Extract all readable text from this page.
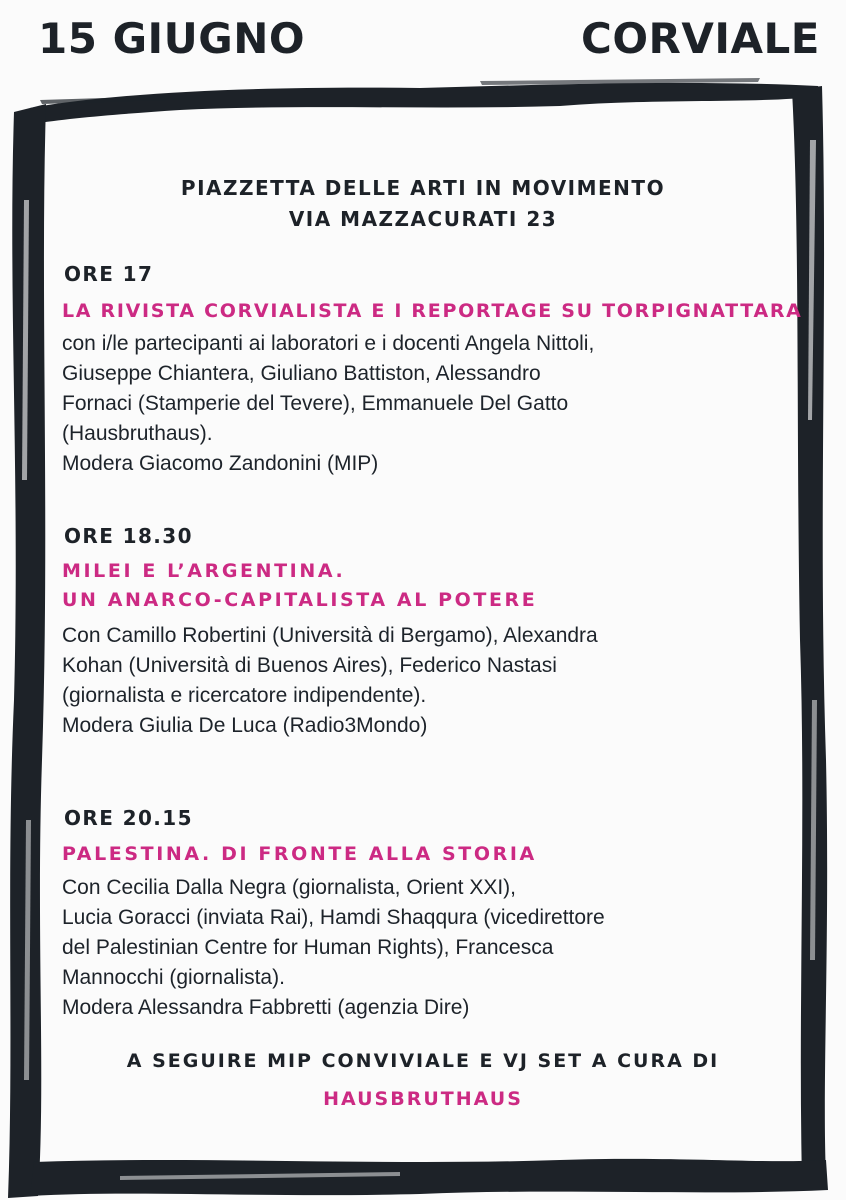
15 GIUGNO	CORVIALE
PIAZZETTA DELLE ARTI IN MOVIMENTO
VIA MAZZACURATI 23
ORE 17
LA RIVISTA CORVIALISTA E I REPORTAGE SU TORPIGNATTARA
con i/le partecipanti ai laboratori e i docenti Angela Nittoli,
Giuseppe Chiantera, Giuliano Battiston, Alessandro
Fornaci (Stamperie del Tevere), Emmanuele Del Gatto
(Hausbruthaus).
Modera Giacomo Zandonini (MIP)
ORE 18.30
MILEI E L’ARGENTINA.
UN ANARCO-CAPITALISTA AL POTERE
Con Camillo Robertini (Università di Bergamo), Alexandra
Kohan (Università di Buenos Aires), Federico Nastasi
(giornalista e ricercatore indipendente).
Modera Giulia De Luca (Radio3Mondo)
ORE 20.15
PALESTINA. DI FRONTE ALLA STORIA
Con Cecilia Dalla Negra (giornalista, Orient XXI),
Lucia Goracci (inviata Rai), Hamdi Shaqqura (vicedirettore
del Palestinian Centre for Human Rights), Francesca
Mannocchi (giornalista).
Modera Alessandra Fabbretti (agenzia Dire)
A SEGUIRE MIP CONVIVIALE E VJ SET A CURA DI
HAUSBRUTHAUS
